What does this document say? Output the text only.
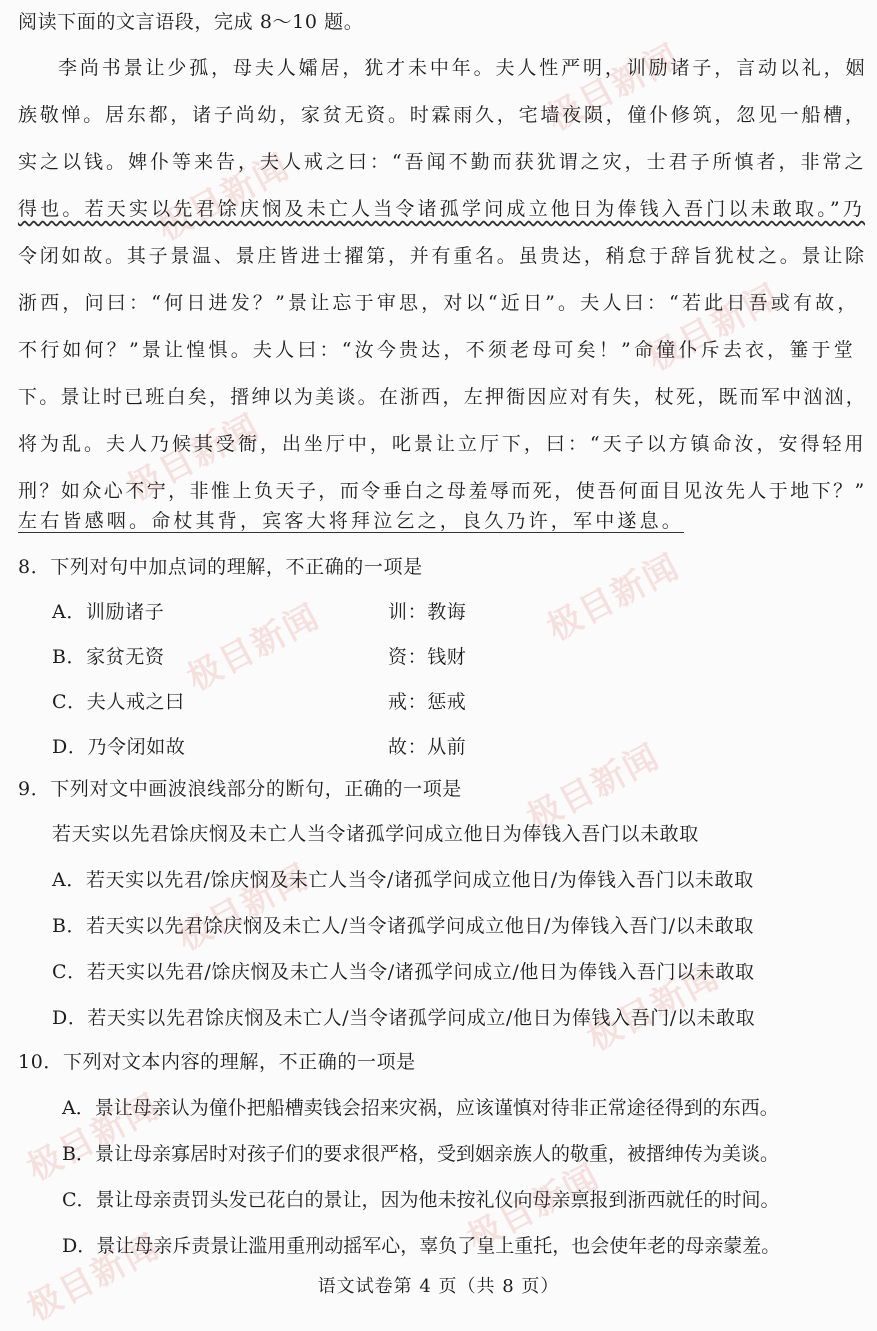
极目新闻
极目新闻
极目新闻
极目新闻
极目新闻
极目新闻
极目新闻
极目新闻
极目新闻
极目新闻
极目新闻
极目新闻
阅读下面的文言语段，完成 8～10 题。
李尚书景让少孤，母夫人孀居，犹才未中年。夫人性严明，训励诸子，言动以礼，姻
族敬惮。居东都，诸子尚幼，家贫无资。时霖雨久，宅墙夜陨，僮仆修筑，忽见一船槽，
实之以钱。婢仆等来告，夫人戒之曰：“吾闻不勤而获犹谓之灾，士君子所慎者，非常之
得也。若天实以先君馀庆悯及未亡人当令诸孤学问成立他日为俸钱入吾门以未敢取。”乃
令闭如故。其子景温、景庄皆进士擢第，并有重名。虽贵达，稍怠于辞旨犹杖之。景让除
浙西，问曰：“何日进发？”景让忘于审思，对以“近日”。夫人曰：“若此日吾或有故，
不行如何？”景让惶惧。夫人曰：“汝今贵达，不须老母可矣！”命僮仆斥去衣，箠于堂
下。景让时已班白矣，搢绅以为美谈。在浙西，左押衙因应对有失，杖死，既而军中汹汹，
将为乱。夫人乃候其受衙，出坐厅中，叱景让立厅下，曰：“天子以方镇命汝，安得轻用
刑？如众心不宁，非惟上负天子，而令垂白之母羞辱而死，使吾何面目见汝先人于地下？”
左右皆感咽。命杖其背，宾客大将拜泣乞之，良久乃许，军中遂息。
8．下列对句中加点词的理解，不正确的一项是
A．训励诸子	训：教诲
B．家贫无资	资：钱财
C．夫人戒之曰	戒：惩戒
D．乃令闭如故	故：从前
9．下列对文中画波浪线部分的断句，正确的一项是
若天实以先君馀庆悯及未亡人当令诸孤学问成立他日为俸钱入吾门以未敢取
A．若天实以先君/馀庆悯及未亡人当令/诸孤学问成立他日/为俸钱入吾门以未敢取
B．若天实以先君馀庆悯及未亡人/当令诸孤学问成立他日/为俸钱入吾门/以未敢取
C．若天实以先君/馀庆悯及未亡人当令/诸孤学问成立/他日为俸钱入吾门以未敢取
D．若天实以先君馀庆悯及未亡人/当令诸孤学问成立/他日为俸钱入吾门/以未敢取
10．下列对文本内容的理解，不正确的一项是
A．景让母亲认为僮仆把船槽卖钱会招来灾祸，应该谨慎对待非正常途径得到的东西。
B．景让母亲寡居时对孩子们的要求很严格，受到姻亲族人的敬重，被搢绅传为美谈。
C．景让母亲责罚头发已花白的景让，因为他未按礼仪向母亲禀报到浙西就任的时间。
D．景让母亲斥责景让滥用重刑动摇军心，辜负了皇上重托，也会使年老的母亲蒙羞。
语文试卷第 4 页（共 8 页）
